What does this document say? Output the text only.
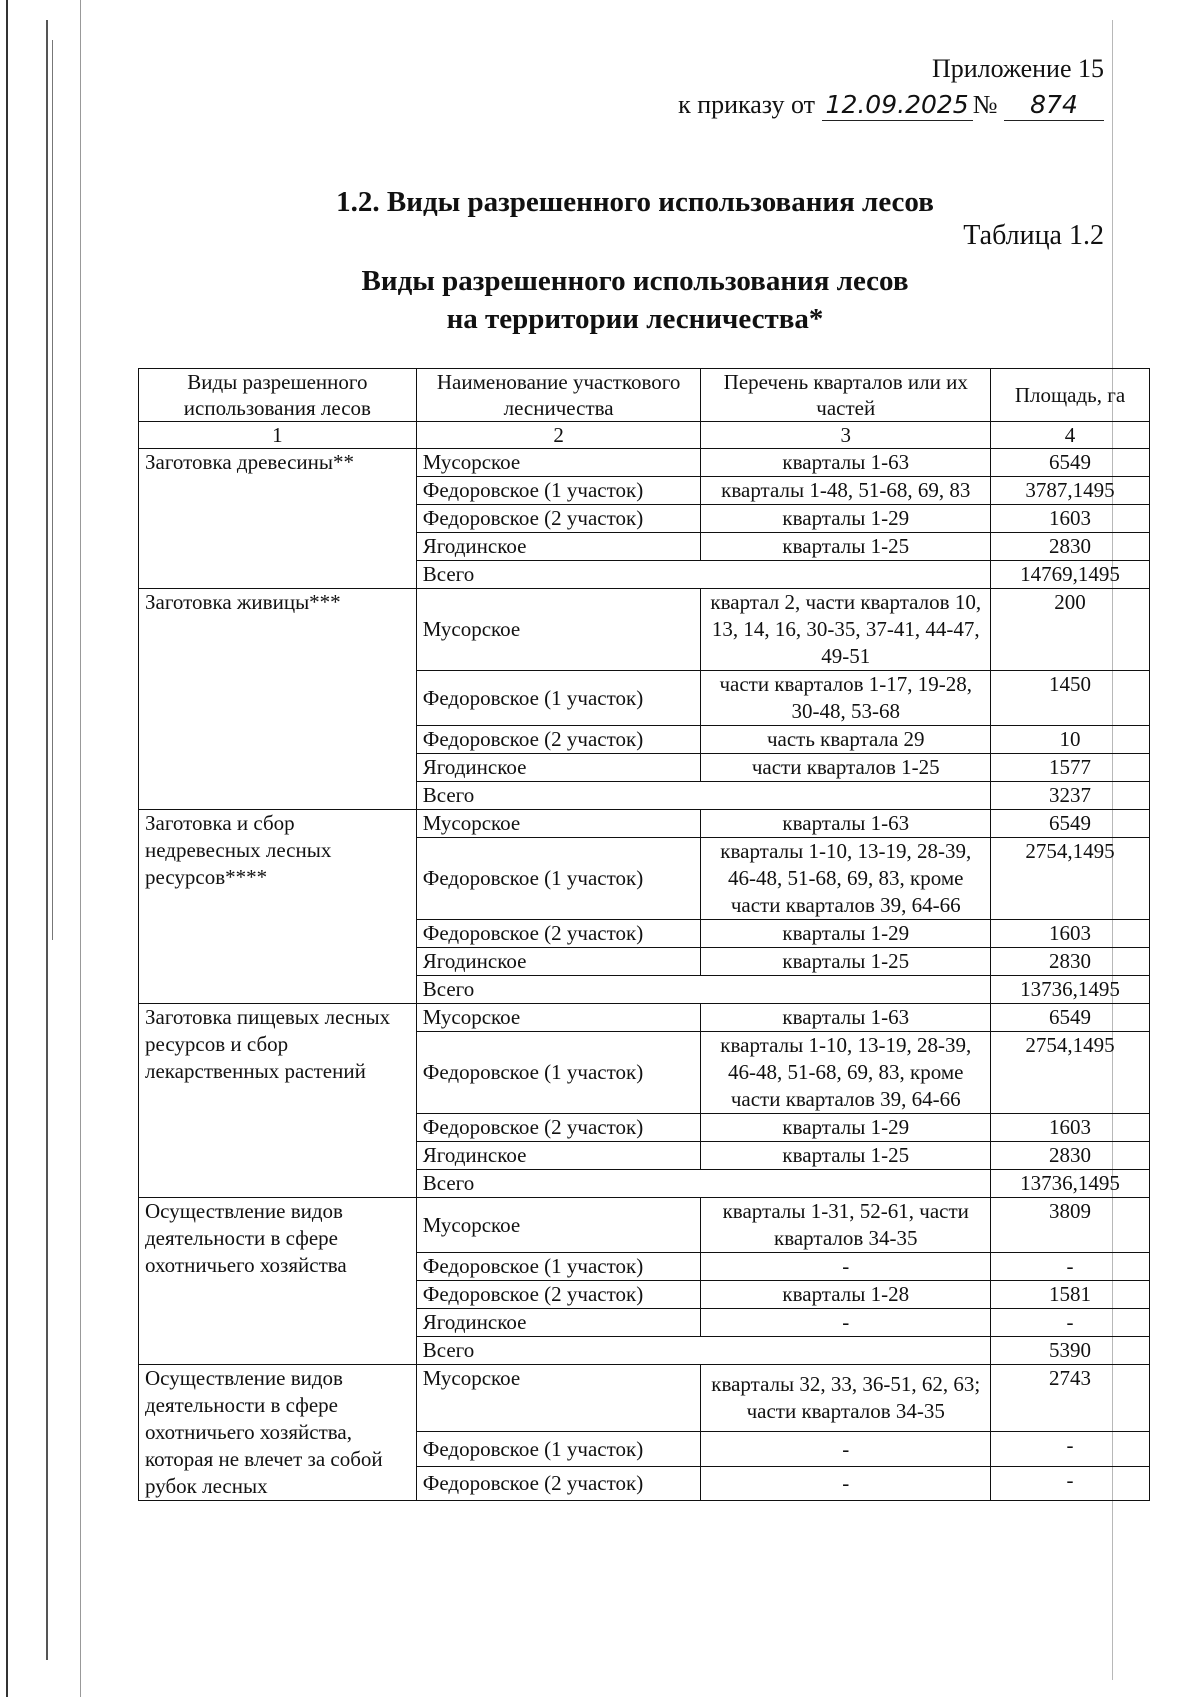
Приложение 15
к приказу от 12.09.2025 № 874
1.2. Виды разрешенного использования лесов
Таблица 1.2
Виды разрешенного использования лесов
на территории лесничества*
Виды разрешенного использования лесов	Наименование участкового лесничества	Перечень кварталов или их частей	Площадь, га
1	2	3	4
Заготовка древесины**	Мусорское	кварталы 1-63	6549
	Федоровское (1 участок)	кварталы 1-48, 51-68, 69, 83	3787,1495
	Федоровское (2 участок)	кварталы 1-29	1603
	Ягодинское	кварталы 1-25	2830
	Всего		14769,1495
Заготовка живицы***	Мусорское	квартал 2, части кварталов 10, 13, 14, 16, 30-35, 37-41, 44-47, 49-51	200
	Федоровское (1 участок)	части кварталов 1-17, 19-28, 30-48, 53-68	1450
	Федоровское (2 участок)	часть квартала 29	10
	Ягодинское	части кварталов 1-25	1577
	Всего		3237
Заготовка и сбор недревесных лесных ресурсов****	Мусорское	кварталы 1-63	6549
	Федоровское (1 участок)	кварталы 1-10, 13-19, 28-39, 46-48, 51-68, 69, 83, кроме части кварталов 39, 64-66	2754,1495
	Федоровское (2 участок)	кварталы 1-29	1603
	Ягодинское	кварталы 1-25	2830
	Всего		13736,1495
Заготовка пищевых лесных ресурсов и сбор лекарственных растений	Мусорское	кварталы 1-63	6549
	Федоровское (1 участок)	кварталы 1-10, 13-19, 28-39, 46-48, 51-68, 69, 83, кроме части кварталов 39, 64-66	2754,1495
	Федоровское (2 участок)	кварталы 1-29	1603
	Ягодинское	кварталы 1-25	2830
	Всего		13736,1495
Осуществление видов деятельности в сфере охотничьего хозяйства	Мусорское	кварталы 1-31, 52-61, части кварталов 34-35	3809
	Федоровское (1 участок)	-	-
	Федоровское (2 участок)	кварталы 1-28	1581
	Ягодинское	-	-
	Всего		5390
Осуществление видов деятельности в сфере охотничьего хозяйства, которая не влечет за собой рубок лесных	Мусорское	кварталы 32, 33, 36-51, 62, 63; части кварталов 34-35	2743
	Федоровское (1 участок)	-	-
	Федоровское (2 участок)	-	-
